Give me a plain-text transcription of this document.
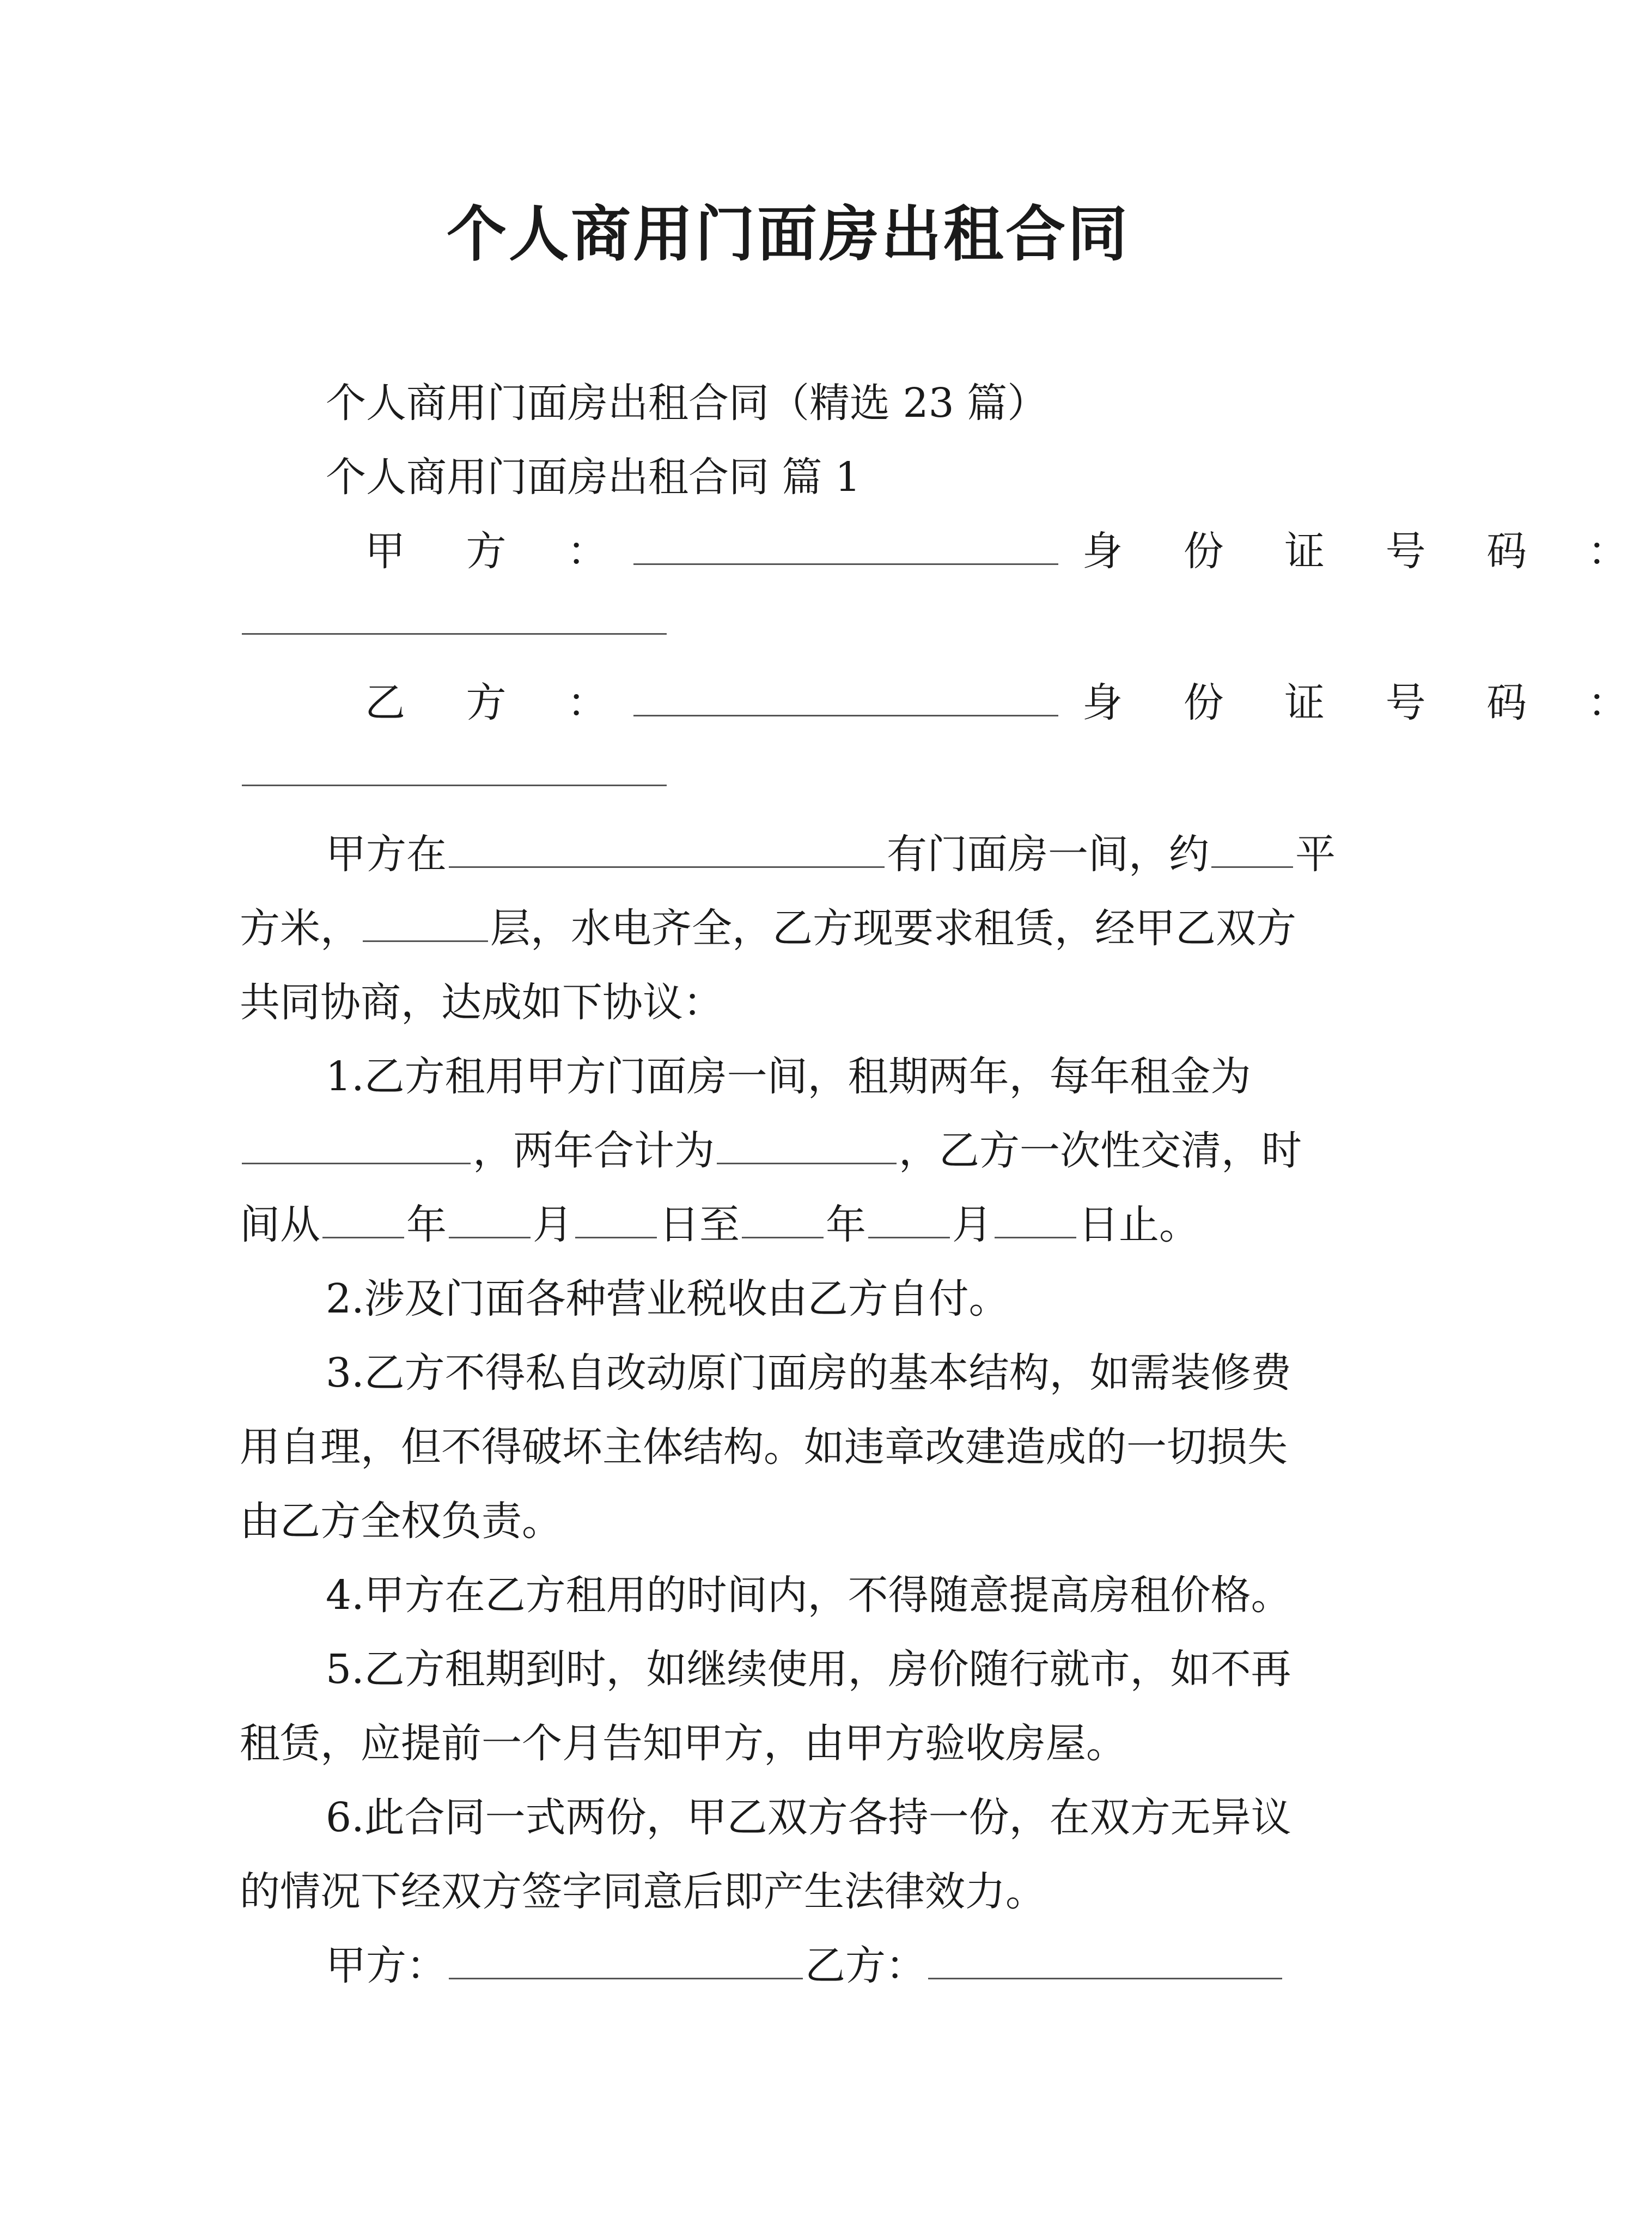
个人商用门面房出租合同
个人商用门面房出租合同（精选 23 篇）
个人商用门面房出租合同 篇 1
甲 方 ：	身 份 证 号 码 ：
乙 方 ：	身 份 证 号 码 ：
甲方在	有门面房一间，约 平
方米，	层，水电齐全，乙方现要求租赁，经甲乙双方
共同协商，达成如下协议：
1.乙方租用甲方门面房一间，租期两年，每年租金为
，两年合计为	，乙方一次性交清，时
间从 年 月 日至 年 月 日止。
2.涉及门面各种营业税收由乙方自付。
3.乙方不得私自改动原门面房的基本结构，如需装修费
用自理，但不得破坏主体结构。如违章改建造成的一切损失
由乙方全权负责。
4.甲方在乙方租用的时间内，不得随意提高房租价格。
5.乙方租期到时，如继续使用，房价随行就市，如不再
租赁，应提前一个月告知甲方，由甲方验收房屋。
6.此合同一式两份，甲乙双方各持一份，在双方无异议
的情况下经双方签字同意后即产生法律效力。
甲方：	乙方：
